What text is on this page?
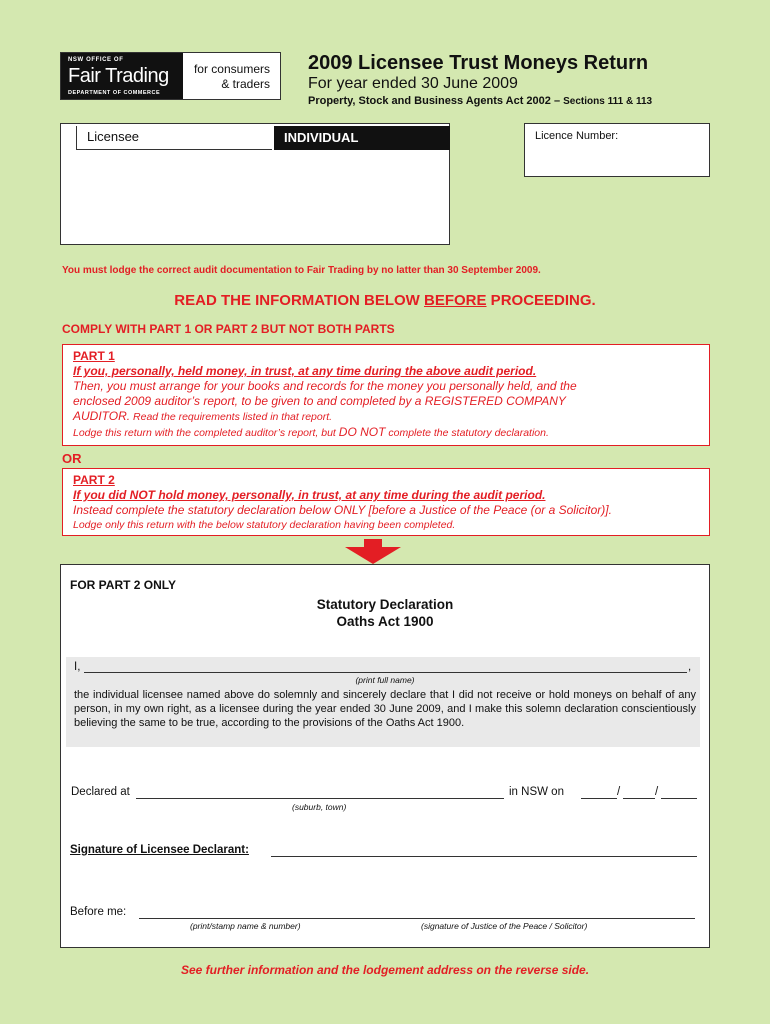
NSW OFFICE OF
Fair Trading
DEPARTMENT OF COMMERCE
for consumers
& traders
2009 Licensee Trust Moneys Return
For year ended 30 June 2009
Property, Stock and Business Agents Act 2002 – Sections 111 & 113
Licensee	INDIVIDUAL	Licence Number:
You must lodge the correct audit documentation to Fair Trading by no latter than 30 September 2009.
READ THE INFORMATION BELOW BEFORE PROCEEDING.
COMPLY WITH PART 1 OR PART 2 BUT NOT BOTH PARTS
PART 1
If you, personally, held money, in trust, at any time during the above audit period.
Then, you must arrange for your books and records for the money you personally held, and the
enclosed 2009 auditor’s report, to be given to and completed by a REGISTERED COMPANY
AUDITOR. Read the requirements listed in that report.
Lodge this return with the completed auditor’s report, but DO NOT complete the statutory declaration.
OR
PART 2
If you did NOT hold money, personally, in trust, at any time during the audit period.
Instead complete the statutory declaration below ONLY [before a Justice of the Peace (or a Solicitor)].
Lodge only this return with the below statutory declaration having been completed.
FOR PART 2 ONLY
Statutory Declaration
Oaths Act 1900
I,	,
(print full name)
the individual licensee named above do solemnly and sincerely declare that I did not receive or hold moneys on behalf of any person, in my own right, as a licensee during the year ended 30 June 2009, and I make this solemn declaration conscientiously believing the same to be true, according to the provisions of the Oaths Act 1900.
Declared at	in NSW on	/	/
(suburb, town)
Signature of Licensee Declarant:
Before me:
(print/stamp name & number)	(signature of Justice of the Peace / Solicitor)
See further information and the lodgement address on the reverse side.
